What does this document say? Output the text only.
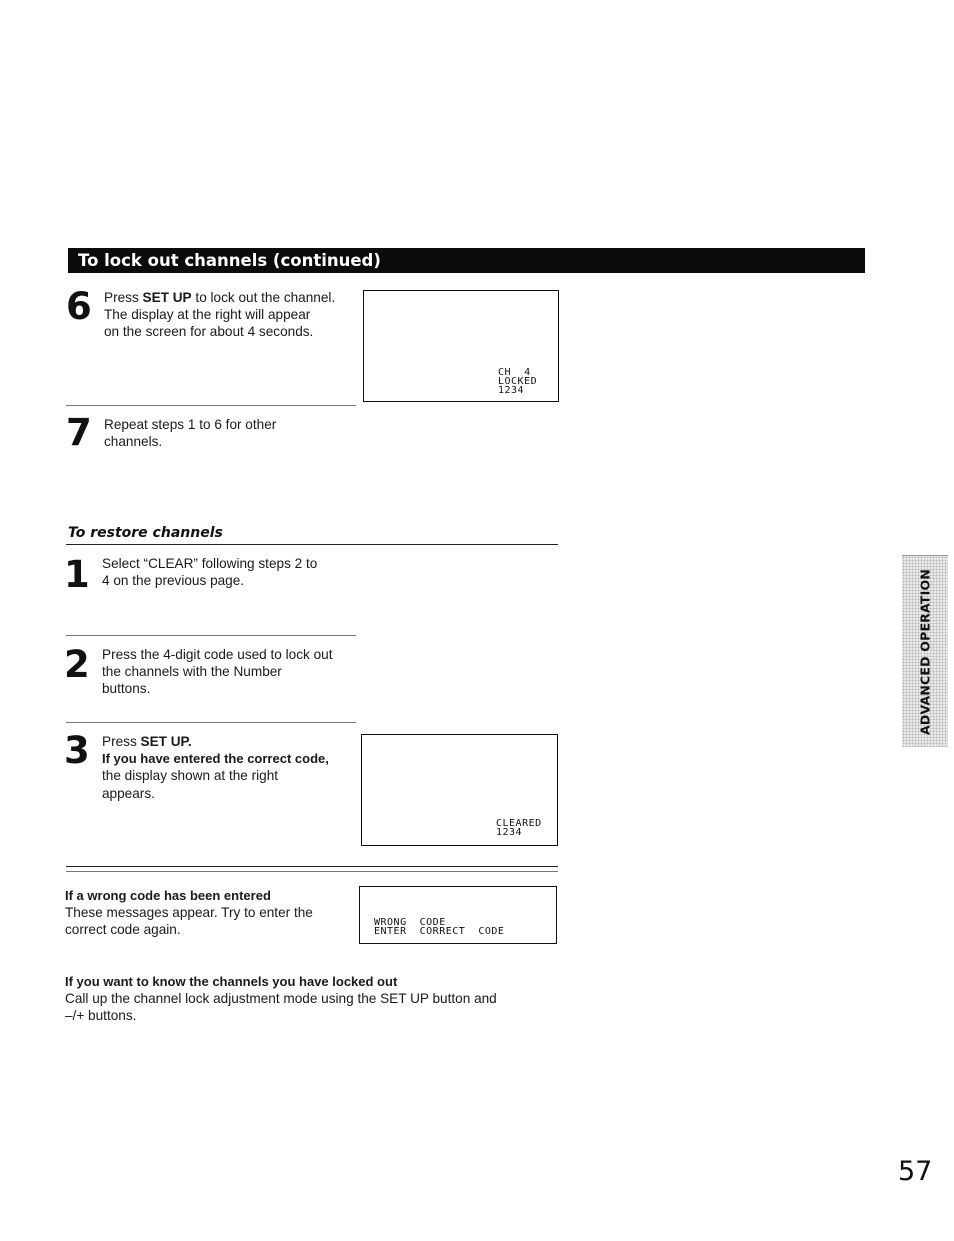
To lock out channels (continued)
6 Press SET UP to lock out the channel.
The display at the right will appear
on the screen for about 4 seconds.
CH  4
LOCKED
1234
7 Repeat steps 1 to 6 for other
channels.
To restore channels
1 Select “CLEAR” following steps 2 to
4 on the previous page.
2 Press the 4-digit code used to lock out
the channels with the Number
buttons.
3 Press SET UP.
If you have entered the correct code,
the display shown at the right
appears.
CLEARED
1234
If a wrong code has been entered
These messages appear. Try to enter the
correct code again.	WRONG  CODE
ENTER  CORRECT  CODE
If you want to know the channels you have locked out
Call up the channel lock adjustment mode using the SET UP button and
–/+ buttons.
ADVANCED OPERATION
57
